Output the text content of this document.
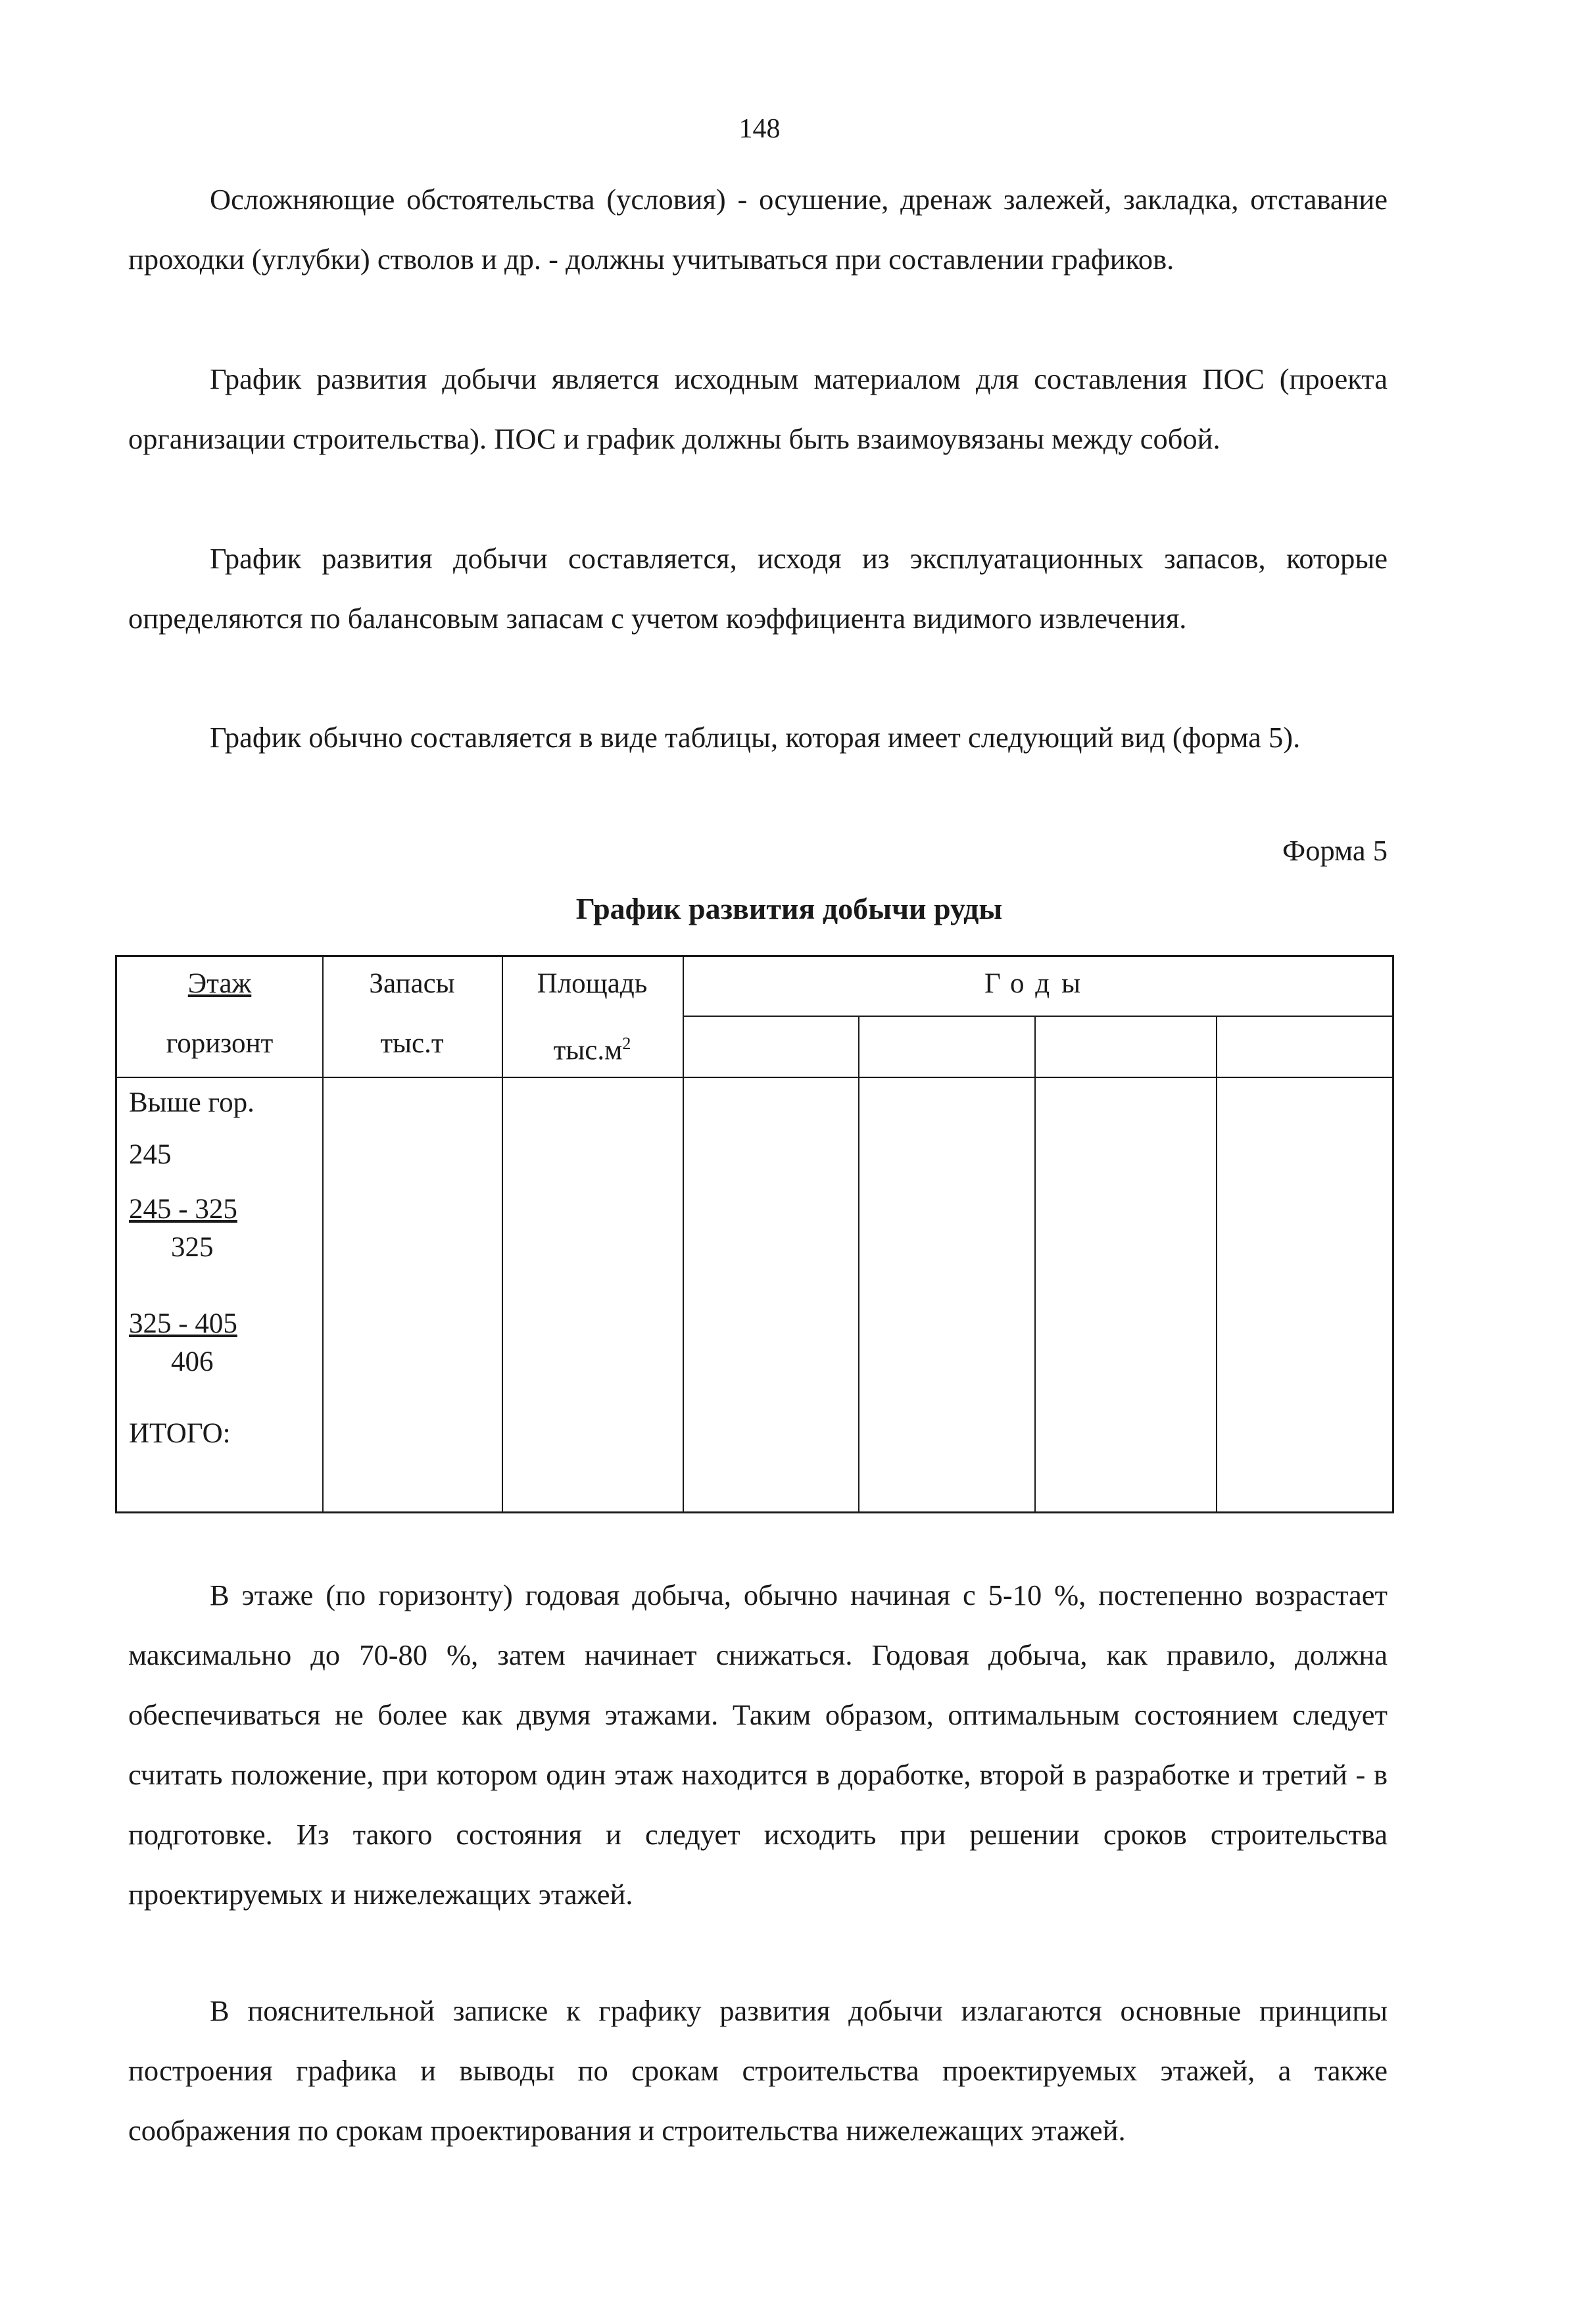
148

Осложняющие обстоятельства (условия) - осушение, дренаж залежей, закладка, отставание проходки (углубки) стволов и др. - должны учитываться при составлении графиков.

График развития добычи является исходным материалом для составления ПОС (проекта организации строительства). ПОС и график должны быть взаимоувязаны между собой.

График развития добычи составляется, исходя из эксплуатационных запасов, которые определяются по балансовым запасам с учетом коэффициента видимого извлечения.

График обычно составляется в виде таблицы, которая имеет следующий вид (форма 5).

Форма 5
График развития добычи руды
Этаж
горизонт
Запасы
тыс.т
Площадь
$тыс.м^2$
Годы
Выше гор.
245
245 - 325
325
325 - 405
406
ИТОГО:

В этаже (по горизонту) годовая добыча, обычно начиная с 5-10 %, постепенно возрастает максимально до 70-80 %, затем начинает снижаться. Годовая добыча, как правило, должна обеспечиваться не более как двумя этажами. Таким образом, оптимальным состоянием следует считать положение, при котором один этаж находится в доработке, второй в разработке и третий - в подготовке. Из такого состояния и следует исходить при решении сроков строительства проектируемых и нижележащих этажей.

В пояснительной записке к графику развития добычи излагаются основные принципы построения графика и выводы по срокам строительства проектируемых этажей, а также соображения по срокам проектирования и строительства нижележащих этажей.
